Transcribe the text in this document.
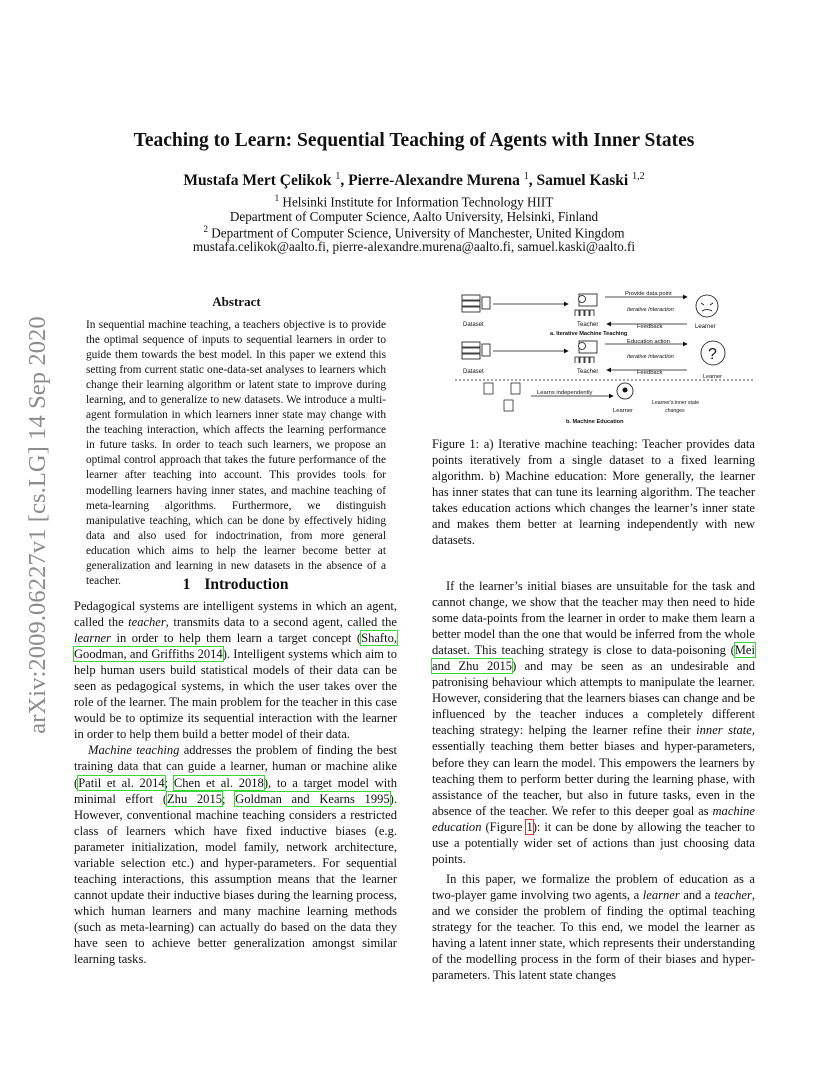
arXiv:2009.06227v1 [cs.LG] 14 Sep 2020
Teaching to Learn: Sequential Teaching of Agents with Inner States
Mustafa Mert Çelikok $^1$, Pierre-Alexandre Murena $^1$, Samuel Kaski $^{1,2}$
$^1$ Helsinki Institute for Information Technology HIIT
Department of Computer Science, Aalto University, Helsinki, Finland
$^2$ Department of Computer Science, University of Manchester, United Kingdom
mustafa.celikok@aalto.fi, pierre-alexandre.murena@aalto.fi, samuel.kaski@aalto.fi
Abstract
In sequential machine teaching, a teachers objective is to provide the optimal sequence of inputs to sequential learners in order to guide them towards the best model. In this paper we extend this setting from current static one-data-set analyses to learners which change their learning algorithm or latent state to improve during learning, and to generalize to new datasets. We introduce a multi-agent formulation in which learners inner state may change with the teaching interaction, which affects the learning performance in future tasks. In order to teach such learners, we propose an optimal control approach that takes the future performance of the learner after teaching into account. This provides tools for modelling learners having inner states, and machine teaching of meta-learning algorithms. Furthermore, we distinguish manipulative teaching, which can be done by effectively hiding data and also used for indoctrination, from more general education which aims to help the learner become better at generalization and learning in new datasets in the absence of a teacher.	1 Introduction

Pedagogical systems are intelligent systems in which an agent, called the teacher, transmits data to a second agent, called the learner in order to help them learn a target concept (Shafto, Goodman, and Griffiths 2014). Intelligent systems which aim to help human users build statistical models of their data can be seen as pedagogical systems, in which the user takes over the role of the learner. The main problem for the teacher in this case would be to optimize its sequential interaction with the learner in order to help them build a better model of their data.

Machine teaching addresses the problem of finding the best training data that can guide a learner, human or machine alike (Patil et al. 2014; Chen et al. 2018), to a target model with minimal effort (Zhu 2015; Goldman and Kearns 1995). However, conventional machine teaching considers a restricted class of learners which have fixed inductive biases (e.g. parameter initialization, model family, network architecture, variable selection etc.) and hyper-parameters. For sequential teaching interactions, this assumption means that the learner cannot update their inductive biases during the learning process, which human learners and many machine learning methods (such as meta-learning) can actually do based on the data they have seen to achieve better generalization amongst similar learning tasks.

If the learner’s initial biases are unsuitable for the task and cannot change, we show that the teacher may then need to hide some data-points from the learner in order to make them learn a better model than the one that would be inferred from the whole dataset. This teaching strategy is close to data-poisoning (Mei and Zhu 2015) and may be seen as an undesirable and patronising behaviour which attempts to manipulate the learner. However, considering that the learners biases can change and be influenced by the teacher induces a completely different teaching strategy: helping the learner refine their inner state, essentially teaching them better biases and hyper-parameters, before they can learn the model. This empowers the learners by teaching them to perform better during the learning phase, with assistance of the teacher, but also in future tasks, even in the absence of the teacher. We refer to this deeper goal as machine education (Figure 1): it can be done by allowing the teacher to use a potentially wider set of actions than just choosing data points.

In this paper, we formalize the problem of education as a two-player game involving two agents, a learner and a teacher, and we consider the problem of finding the optimal teaching strategy for the teacher. To this end, we model the learner as having a latent inner state, which represents their understanding of the modelling process in the form of their biases and hyper-parameters. This latent state changes

Dataset	Teacher
Provide data point
Iterative Interaction
Feedback	Learner
a. Iterative Machine Teaching
Dataset	Teacher
Education action
Iterative Interaction
Feedback
?
Learner
Learns independently
Learner
Learner's inner state
changes
b. Machine Education
Figure 1: a) Iterative machine teaching: Teacher provides data points iteratively from a single dataset to a fixed learning algorithm. b) Machine education: More generally, the learner has inner states that can tune its learning algorithm. The teacher takes education actions which changes the learner’s inner state and makes them better at learning independently with new datasets.
